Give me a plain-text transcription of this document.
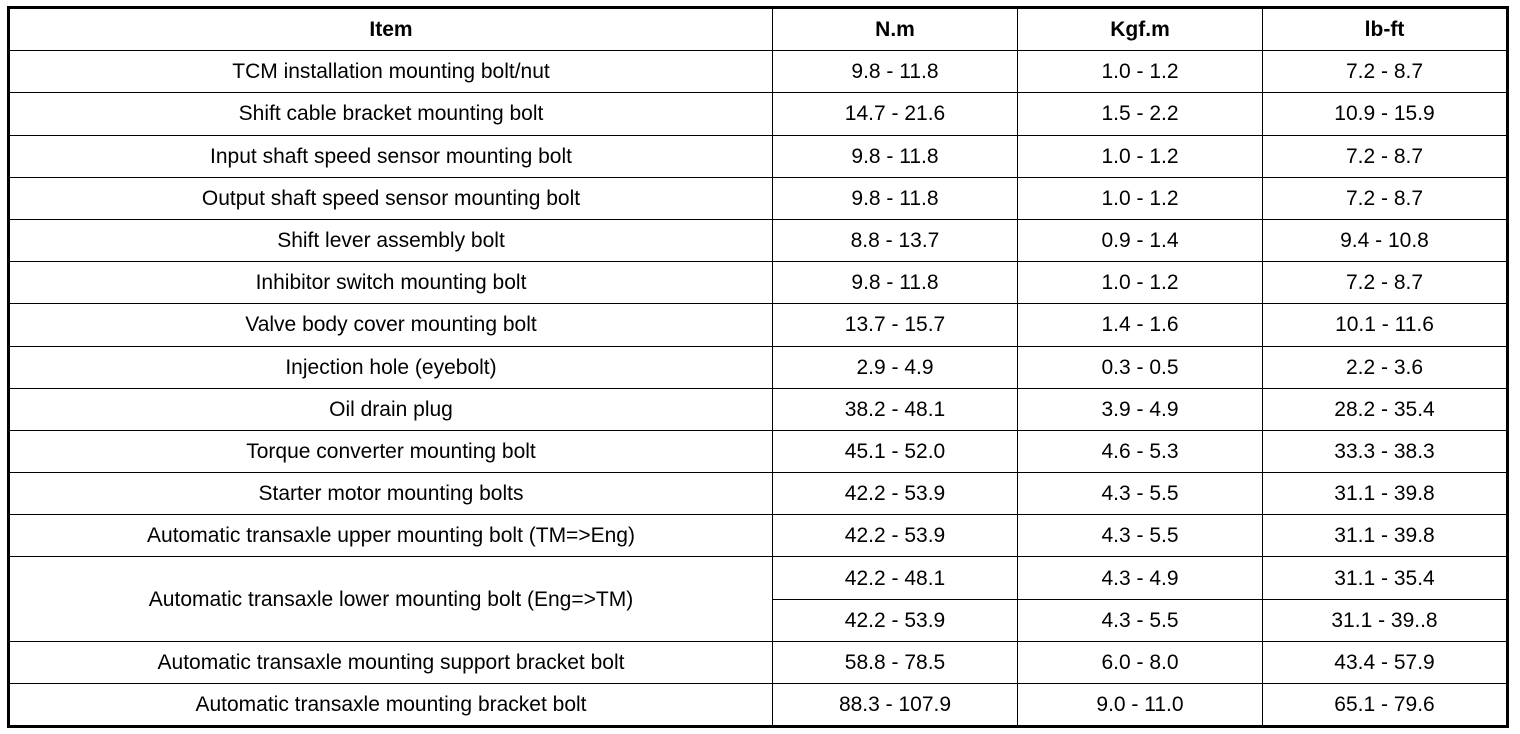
Item	N.m	Kgf.m	lb-ft
TCM installation mounting bolt/nut	9.8 - 11.8	1.0 - 1.2	7.2 - 8.7
Shift cable bracket mounting bolt	14.7 - 21.6	1.5 - 2.2	10.9 - 15.9
Input shaft speed sensor mounting bolt	9.8 - 11.8	1.0 - 1.2	7.2 - 8.7
Output shaft speed sensor mounting bolt	9.8 - 11.8	1.0 - 1.2	7.2 - 8.7
Shift lever assembly bolt	8.8 - 13.7	0.9 - 1.4	9.4 - 10.8
Inhibitor switch mounting bolt	9.8 - 11.8	1.0 - 1.2	7.2 - 8.7
Valve body cover mounting bolt	13.7 - 15.7	1.4 - 1.6	10.1 - 11.6
Injection hole (eyebolt)	2.9 - 4.9	0.3 - 0.5	2.2 - 3.6
Oil drain plug	38.2 - 48.1	3.9 - 4.9	28.2 - 35.4
Torque converter mounting bolt	45.1 - 52.0	4.6 - 5.3	33.3 - 38.3
Starter motor mounting bolts	42.2 - 53.9	4.3 - 5.5	31.1 - 39.8
Automatic transaxle upper mounting bolt (TM=>Eng)	42.2 - 53.9	4.3 - 5.5	31.1 - 39.8
Automatic transaxle lower mounting bolt (Eng=>TM)	42.2 - 48.1	4.3 - 4.9	31.1 - 35.4
	42.2 - 53.9	4.3 - 5.5	31.1 - 39..8
Automatic transaxle mounting support bracket bolt	58.8 - 78.5	6.0 - 8.0	43.4 - 57.9
Automatic transaxle mounting bracket bolt	88.3 - 107.9	9.0 - 11.0	65.1 - 79.6
